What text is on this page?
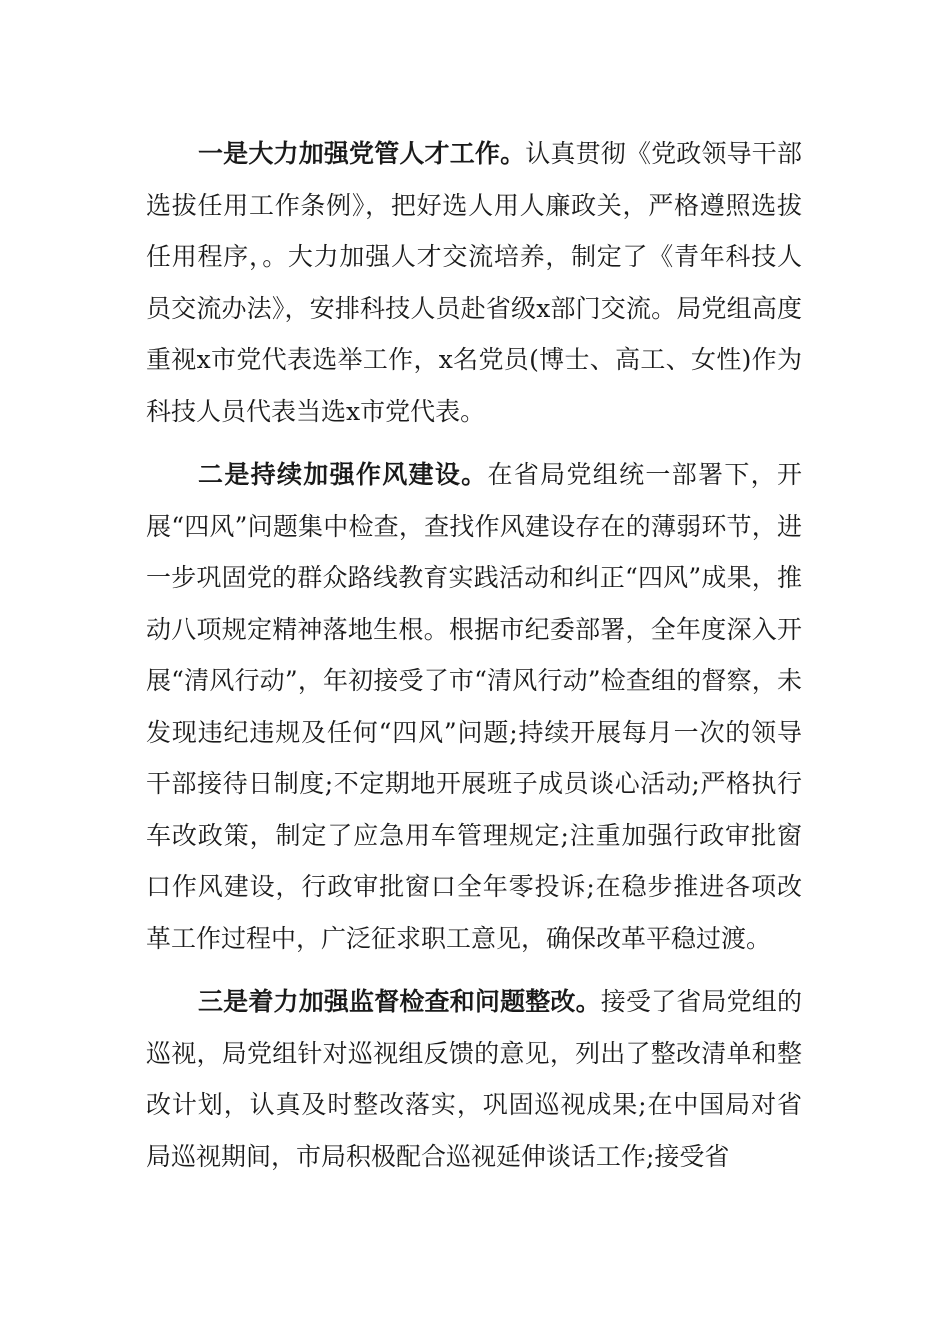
一是大力加强党管人才工作。认真贯彻《党政领导干部选拔任用工作条例》，把好选人用人廉政关，严格遵照选拔任用程序，。大力加强人才交流培养，制定了《青年科技人员交流办法》，安排科技人员赴省级x部门交流。局党组高度重视x市党代表选举工作，x名党员(博士、高工、女性)作为科技人员代表当选x市党代表。

二是持续加强作风建设。在省局党组统一部署下，开展“四风”问题集中检查，查找作风建设存在的薄弱环节，进一步巩固党的群众路线教育实践活动和纠正“四风”成果，推动八项规定精神落地生根。根据市纪委部署，全年度深入开展“清风行动”，年初接受了市“清风行动”检查组的督察，未发现违纪违规及任何“四风”问题;持续开展每月一次的领导干部接待日制度;不定期地开展班子成员谈心活动;严格执行车改政策，制定了应急用车管理规定;注重加强行政审批窗口作风建设，行政审批窗口全年零投诉;在稳步推进各项改革工作过程中，广泛征求职工意见，确保改革平稳过渡。

三是着力加强监督检查和问题整改。接受了省局党组的巡视，局党组针对巡视组反馈的意见，列出了整改清单和整改计划，认真及时整改落实，巩固巡视成果;在中国局对省局巡视期间，市局积极配合巡视延伸谈话工作;接受省
